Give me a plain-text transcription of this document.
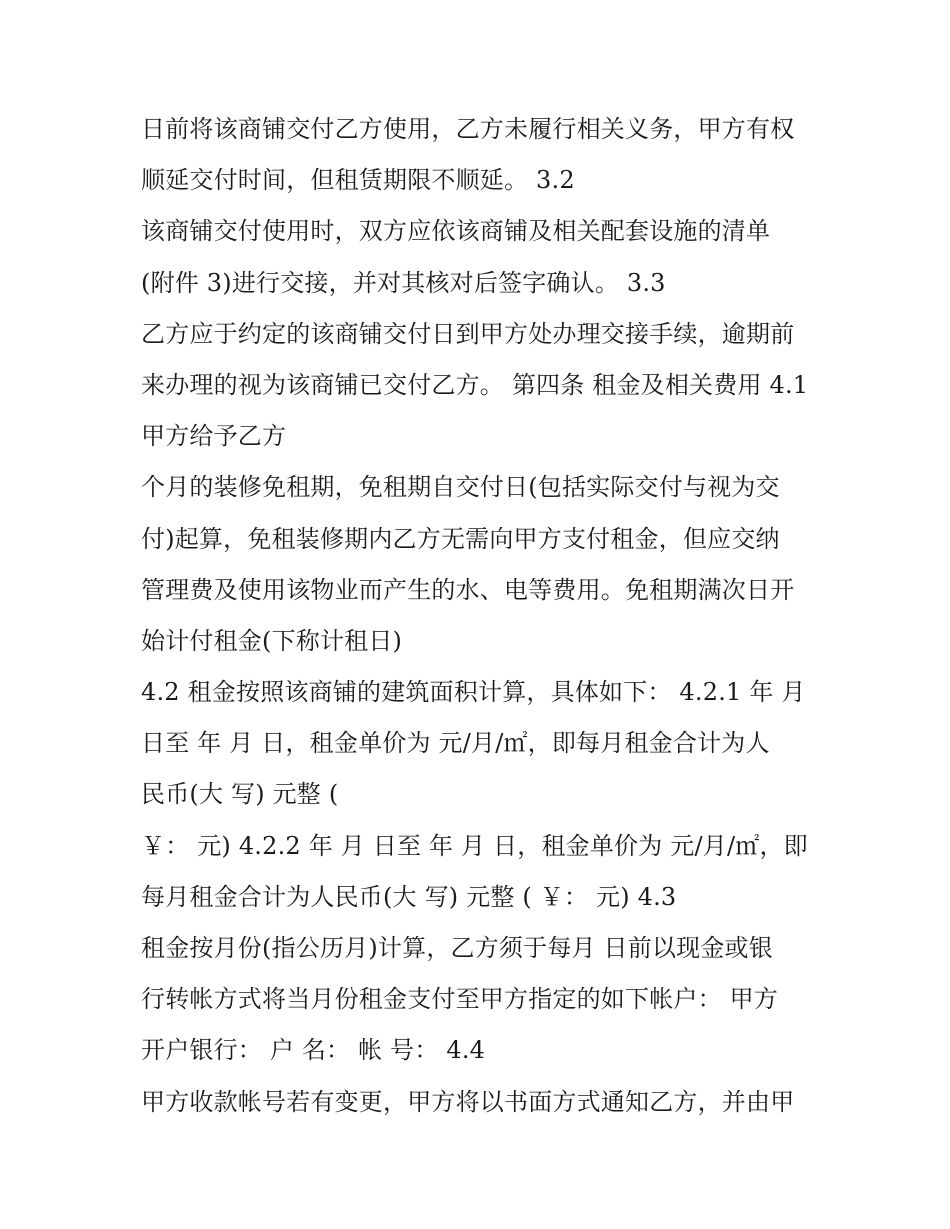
日前将该商铺交付乙方使用，乙方未履行相关义务，甲方有权
顺延交付时间，但租赁期限不顺延。 3.2
该商铺交付使用时，双方应依该商铺及相关配套设施的清单
(附件 3)进行交接，并对其核对后签字确认。 3.3
乙方应于约定的该商铺交付日到甲方处办理交接手续，逾期前
来办理的视为该商铺已交付乙方。 第四条 租金及相关费用 4.1
甲方给予乙方
个月的装修免租期，免租期自交付日(包括实际交付与视为交
付)起算，免租装修期内乙方无需向甲方支付租金，但应交纳
管理费及使用该物业而产生的水、电等费用。免租期满次日开
始计付租金(下称计租日)
4.2 租金按照该商铺的建筑面积计算，具体如下： 4.2.1 年 月
日至 年 月 日，租金单价为 元/月/㎡，即每月租金合计为人
民币(大 写) 元整 (
￥： 元) 4.2.2 年 月 日至 年 月 日，租金单价为 元/月/㎡，即
每月租金合计为人民币(大 写) 元整 ( ￥： 元) 4.3
租金按月份(指公历月)计算，乙方须于每月 日前以现金或银
行转帐方式将当月份租金支付至甲方指定的如下帐户： 甲方
开户银行： 户 名： 帐 号： 4.4
甲方收款帐号若有变更，甲方将以书面方式通知乙方，并由甲
